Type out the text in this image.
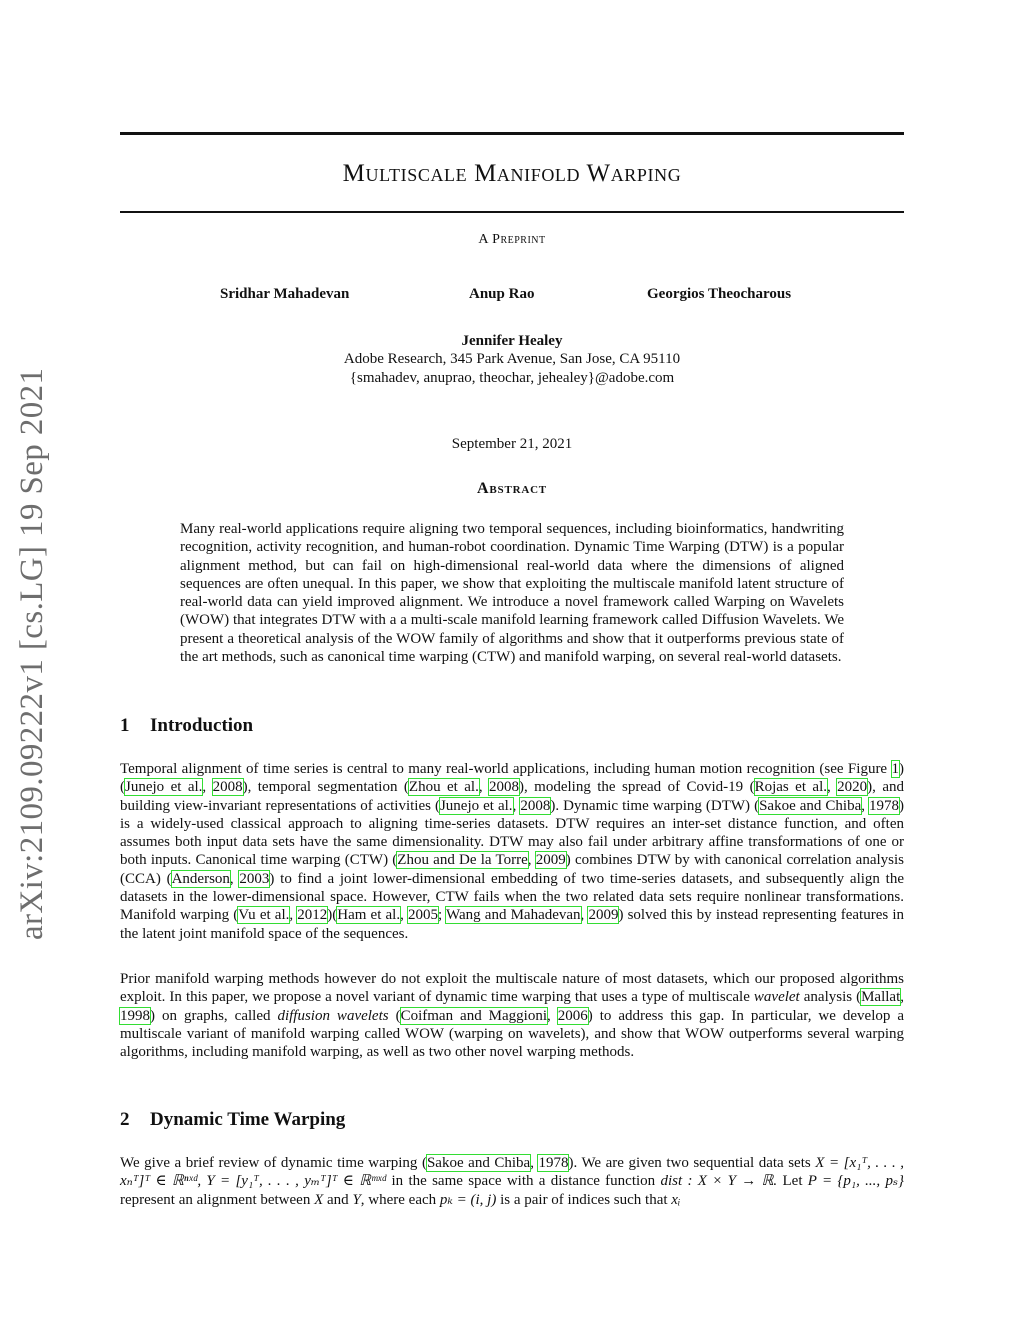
arXiv:2109.09222v1 [cs.LG] 19 Sep 2021
Multiscale Manifold Warping
A Preprint
Sridhar Mahadevan	Anup Rao	Georgios Theocharous
Jennifer Healey
Adobe Research, 345 Park Avenue, San Jose, CA 95110
{smahadev, anuprao, theochar, jehealey}@adobe.com
September 21, 2021
Abstract
Many real-world applications require aligning two temporal sequences, including bioinformatics, handwriting recognition, activity recognition, and human-robot coordination. Dynamic Time Warping (DTW) is a popular alignment method, but can fail on high-dimensional real-world data where the dimensions of aligned sequences are often unequal. In this paper, we show that exploiting the multiscale manifold latent structure of real-world data can yield improved alignment. We introduce a novel framework called Warping on Wavelets (WOW) that integrates DTW with a a multi-scale manifold learning framework called Diffusion Wavelets. We present a theoretical analysis of the WOW family of algorithms and show that it outperforms previous state of the art methods, such as canonical time warping (CTW) and manifold warping, on several real-world datasets.
1 Introduction
Temporal alignment of time series is central to many real-world applications, including human motion recognition (see Figure 1) (Junejo et al., 2008), temporal segmentation (Zhou et al., 2008), modeling the spread of Covid-19 (Rojas et al., 2020), and building view-invariant representations of activities (Junejo et al., 2008). Dynamic time warping (DTW) (Sakoe and Chiba, 1978) is a widely-used classical approach to aligning time-series datasets. DTW requires an inter-set distance function, and often assumes both input data sets have the same dimensionality. DTW may also fail under arbitrary affine transformations of one or both inputs. Canonical time warping (CTW) (Zhou and De la Torre, 2009) combines DTW by with canonical correlation analysis (CCA) (Anderson, 2003) to find a joint lower-dimensional embedding of two time-series datasets, and subsequently align the datasets in the lower-dimensional space. However, CTW fails when the two related data sets require nonlinear transformations. Manifold warping (Vu et al., 2012)(Ham et al., 2005; Wang and Mahadevan, 2009) solved this by instead representing features in the latent joint manifold space of the sequences.
Prior manifold warping methods however do not exploit the multiscale nature of most datasets, which our proposed algorithms exploit. In this paper, we propose a novel variant of dynamic time warping that uses a type of multiscale wavelet analysis (Mallat, 1998) on graphs, called diffusion wavelets (Coifman and Maggioni, 2006) to address this gap. In particular, we develop a multiscale variant of manifold warping called WOW (warping on wavelets), and show that WOW outperforms several warping algorithms, including manifold warping, as well as two other novel warping methods.
2 Dynamic Time Warping
We give a brief review of dynamic time warping (Sakoe and Chiba, 1978). We are given two sequential data sets X = [x₁ᵀ, . . . , xₙᵀ]ᵀ ∈ ℝⁿˣᵈ, Y = [y₁ᵀ, . . . , yₘᵀ]ᵀ ∈ ℝᵐˣᵈ in the same space with a distance function dist : X × Y → ℝ. Let P = {p₁, ..., pₛ} represent an alignment between X and Y, where each pₖ = (i, j) is a pair of indices such that xᵢ
